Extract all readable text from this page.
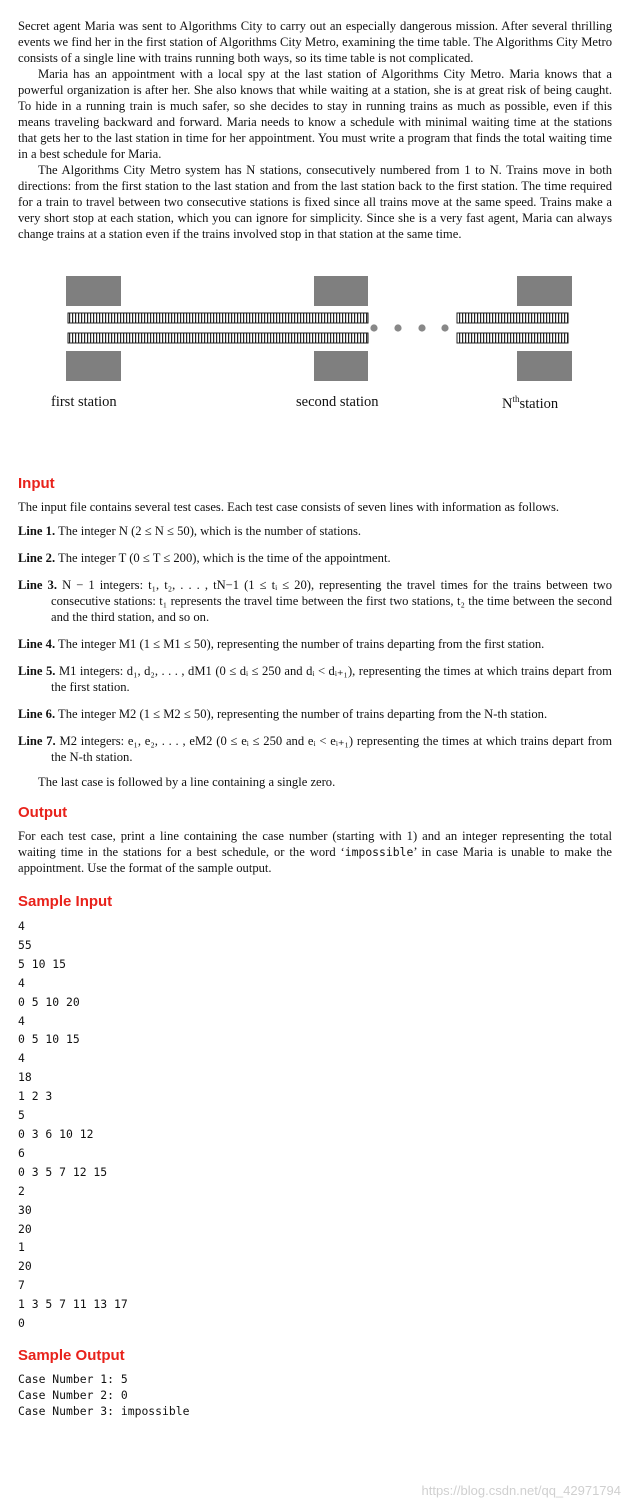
Secret agent Maria was sent to Algorithms City to carry out an especially dangerous mission. After several thrilling events we find her in the first station of Algorithms City Metro, examining the time table. The Algorithms City Metro consists of a single line with trains running both ways, so its time table is not complicated.

Maria has an appointment with a local spy at the last station of Algorithms City Metro. Maria knows that a powerful organization is after her. She also knows that while waiting at a station, she is at great risk of being caught. To hide in a running train is much safer, so she decides to stay in running trains as much as possible, even if this means traveling backward and forward. Maria needs to know a schedule with minimal waiting time at the stations that gets her to the last station in time for her appointment. You must write a program that finds the total waiting time in a best schedule for Maria.

The Algorithms City Metro system has N stations, consecutively numbered from 1 to N. Trains move in both directions: from the first station to the last station and from the last station back to the first station. The time required for a train to travel between two consecutive stations is fixed since all trains move at the same speed. Trains make a very short stop at each station, which you can ignore for simplicity. Since she is a very fast agent, Maria can always change trains at a station even if the trains involved stop in that station at the same time.

first station	second station	$N^{th}station$
Input

The input file contains several test cases. Each test case consists of seven lines with information as follows.

Line 1. The integer N (2 ≤ N ≤ 50), which is the number of stations.
Line 2. The integer T (0 ≤ T ≤ 200), which is the time of the appointment.
Line 3. N − 1 integers: t₁, t₂, . . . , tN−1 (1 ≤ tᵢ ≤ 20), representing the travel times for the trains between two consecutive stations: t₁ represents the travel time between the first two stations, t₂ the time between the second and the third station, and so on.
Line 4. The integer M1 (1 ≤ M1 ≤ 50), representing the number of trains departing from the first station.
Line 5. M1 integers: d₁, d₂, . . . , dM1 (0 ≤ dᵢ ≤ 250 and dᵢ < dᵢ₊₁), representing the times at which trains depart from the first station.
Line 6. The integer M2 (1 ≤ M2 ≤ 50), representing the number of trains departing from the N-th station.
Line 7. M2 integers: e₁, e₂, . . . , eM2 (0 ≤ eᵢ ≤ 250 and eᵢ < eᵢ₊₁) representing the times at which trains depart from the N-th station.

The last case is followed by a line containing a single zero.

Output

For each test case, print a line containing the case number (starting with 1) and an integer representing the total waiting time in the stations for a best schedule, or the word ‘impossible’ in case Maria is unable to make the appointment. Use the format of the sample output.

Sample Input
4
55
5 10 15
4
0 5 10 20
4
0 5 10 15
4
18
1 2 3
5
0 3 6 10 12
6
0 3 5 7 12 15
2
30
20
1
20
7
1 3 5 7 11 13 17
0
Sample Output
Case Number 1: 5
Case Number 2: 0
Case Number 3: impossible
https://blog.csdn.net/qq_42971794
